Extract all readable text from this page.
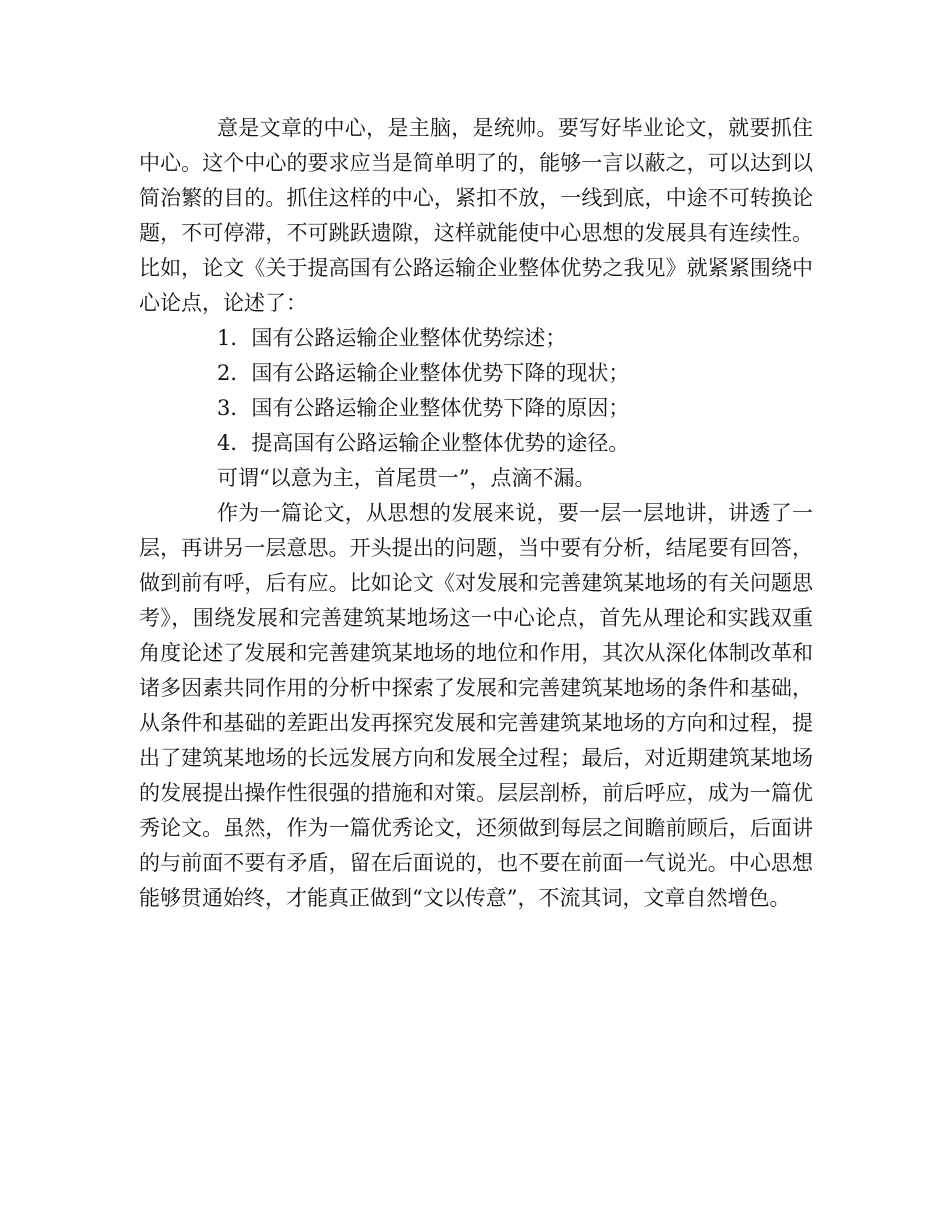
意是文章的中心，是主脑，是统帅。要写好毕业论文，就要抓住中心。这个中心的要求应当是简单明了的，能够一言以蔽之，可以达到以简治繁的目的。抓住这样的中心，紧扣不放，一线到底，中途不可转换论题，不可停滞，不可跳跃遗隙，这样就能使中心思想的发展具有连续性。比如，论文《关于提高国有公路运输企业整体优势之我见》就紧紧围绕中心论点，论述了：

1．国有公路运输企业整体优势综述；
2．国有公路运输企业整体优势下降的现状；
3．国有公路运输企业整体优势下降的原因；
4．提高国有公路运输企业整体优势的途径。

可谓“以意为主，首尾贯一”，点滴不漏。

作为一篇论文，从思想的发展来说，要一层一层地讲，讲透了一层，再讲另一层意思。开头提出的问题，当中要有分析，结尾要有回答，做到前有呼，后有应。比如论文《对发展和完善建筑某地场的有关问题思考》，围绕发展和完善建筑某地场这一中心论点，首先从理论和实践双重角度论述了发展和完善建筑某地场的地位和作用，其次从深化体制改革和诸多因素共同作用的分析中探索了发展和完善建筑某地场的条件和基础，从条件和基础的差距出发再探究发展和完善建筑某地场的方向和过程，提出了建筑某地场的长远发展方向和发展全过程；最后，对近期建筑某地场的发展提出操作性很强的措施和对策。层层剖桥，前后呼应，成为一篇优秀论文。虽然，作为一篇优秀论文，还须做到每层之间瞻前顾后，后面讲的与前面不要有矛盾，留在后面说的，也不要在前面一气说光。中心思想能够贯通始终，才能真正做到“文以传意”，不流其词，文章自然增色。
